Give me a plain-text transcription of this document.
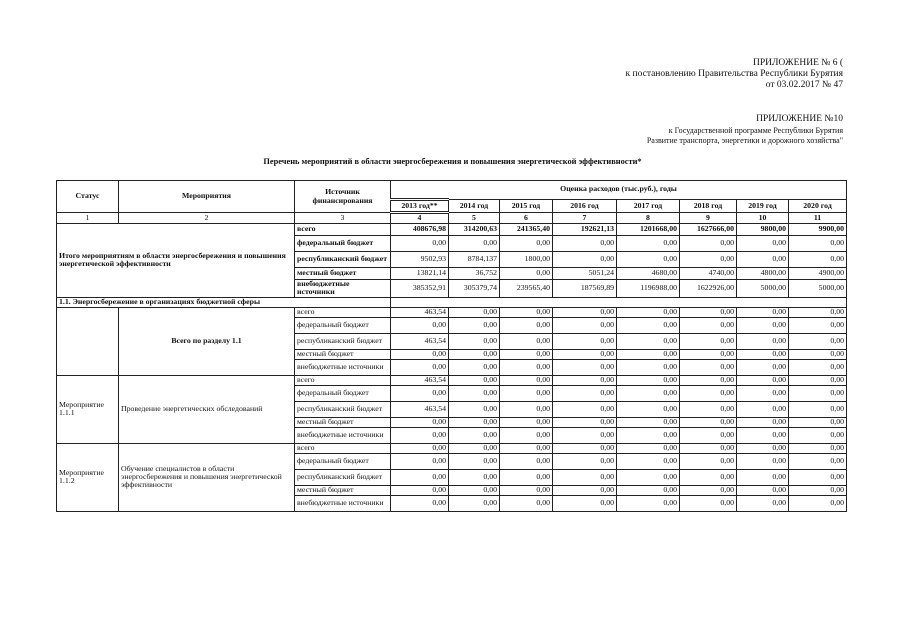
ПРИЛОЖЕНИЕ № 6 (
к постановлению Правительства Республики Бурятия
от 03.02.2017 № 47
ПРИЛОЖЕНИЕ №10
к Государственной программе Республики Бурятия
Развитие транспорта, энергетики и дорожного хозяйства"
Перечень мероприятий в области энергосбережения и повышения энергетической эффективности*
Статус	Мероприятия	Источник финансирования	Оценка расходов (тыс.руб.), годы							
			2013 год**	2014 год	2015 год	2016 год	2017 год	2018 год	2019 год	2020 год
1	2	3	4	5	6	7	8	9	10	11
Итого мероприятиям в области энергосбережения и повышения энергетической эффективности		всего	408676,98	314200,63	241365,40	192621,13	1201668,00	1627666,00	9800,00	9900,00
		федеральный бюджет	0,00	0,00	0,00	0,00	0,00	0,00	0,00	0,00
		республиканский бюджет	9502,93	8784,137	1800,00	0,00	0,00	0,00	0,00	0,00
		местный бюджет	13821,14	36,752	0,00	5051,24	4680,00	4740,00	4800,00	4900,00
		внебюджетные источники	385352,91	305379,74	239565,40	187569,89	1196988,00	1622926,00	5000,00	5000,00
1.1. Энергосбережение в организациях бюджетной сферы										
	Всего по разделу 1.1	всего	463,54	0,00	0,00	0,00	0,00	0,00	0,00	0,00
		федеральный бюджет	0,00	0,00	0,00	0,00	0,00	0,00	0,00	0,00
		республиканский бюджет	463,54	0,00	0,00	0,00	0,00	0,00	0,00	0,00
		местный бюджет	0,00	0,00	0,00	0,00	0,00	0,00	0,00	0,00
		внебюджетные источники	0,00	0,00	0,00	0,00	0,00	0,00	0,00	0,00
Мероприятие 1.1.1	Проведение энергетических обследований	всего	463,54	0,00	0,00	0,00	0,00	0,00	0,00	0,00
		федеральный бюджет	0,00	0,00	0,00	0,00	0,00	0,00	0,00	0,00
		республиканский бюджет	463,54	0,00	0,00	0,00	0,00	0,00	0,00	0,00
		местный бюджет	0,00	0,00	0,00	0,00	0,00	0,00	0,00	0,00
		внебюджетные источники	0,00	0,00	0,00	0,00	0,00	0,00	0,00	0,00
Мероприятие 1.1.2	Обучение специалистов в области энергосбережения и повышения энергетической эффективности	всего	0,00	0,00	0,00	0,00	0,00	0,00	0,00	0,00
		федеральный бюджет	0,00	0,00	0,00	0,00	0,00	0,00	0,00	0,00
		республиканский бюджет	0,00	0,00	0,00	0,00	0,00	0,00	0,00	0,00
		местный бюджет	0,00	0,00	0,00	0,00	0,00	0,00	0,00	0,00
		внебюджетные источники	0,00	0,00	0,00	0,00	0,00	0,00	0,00	0,00
